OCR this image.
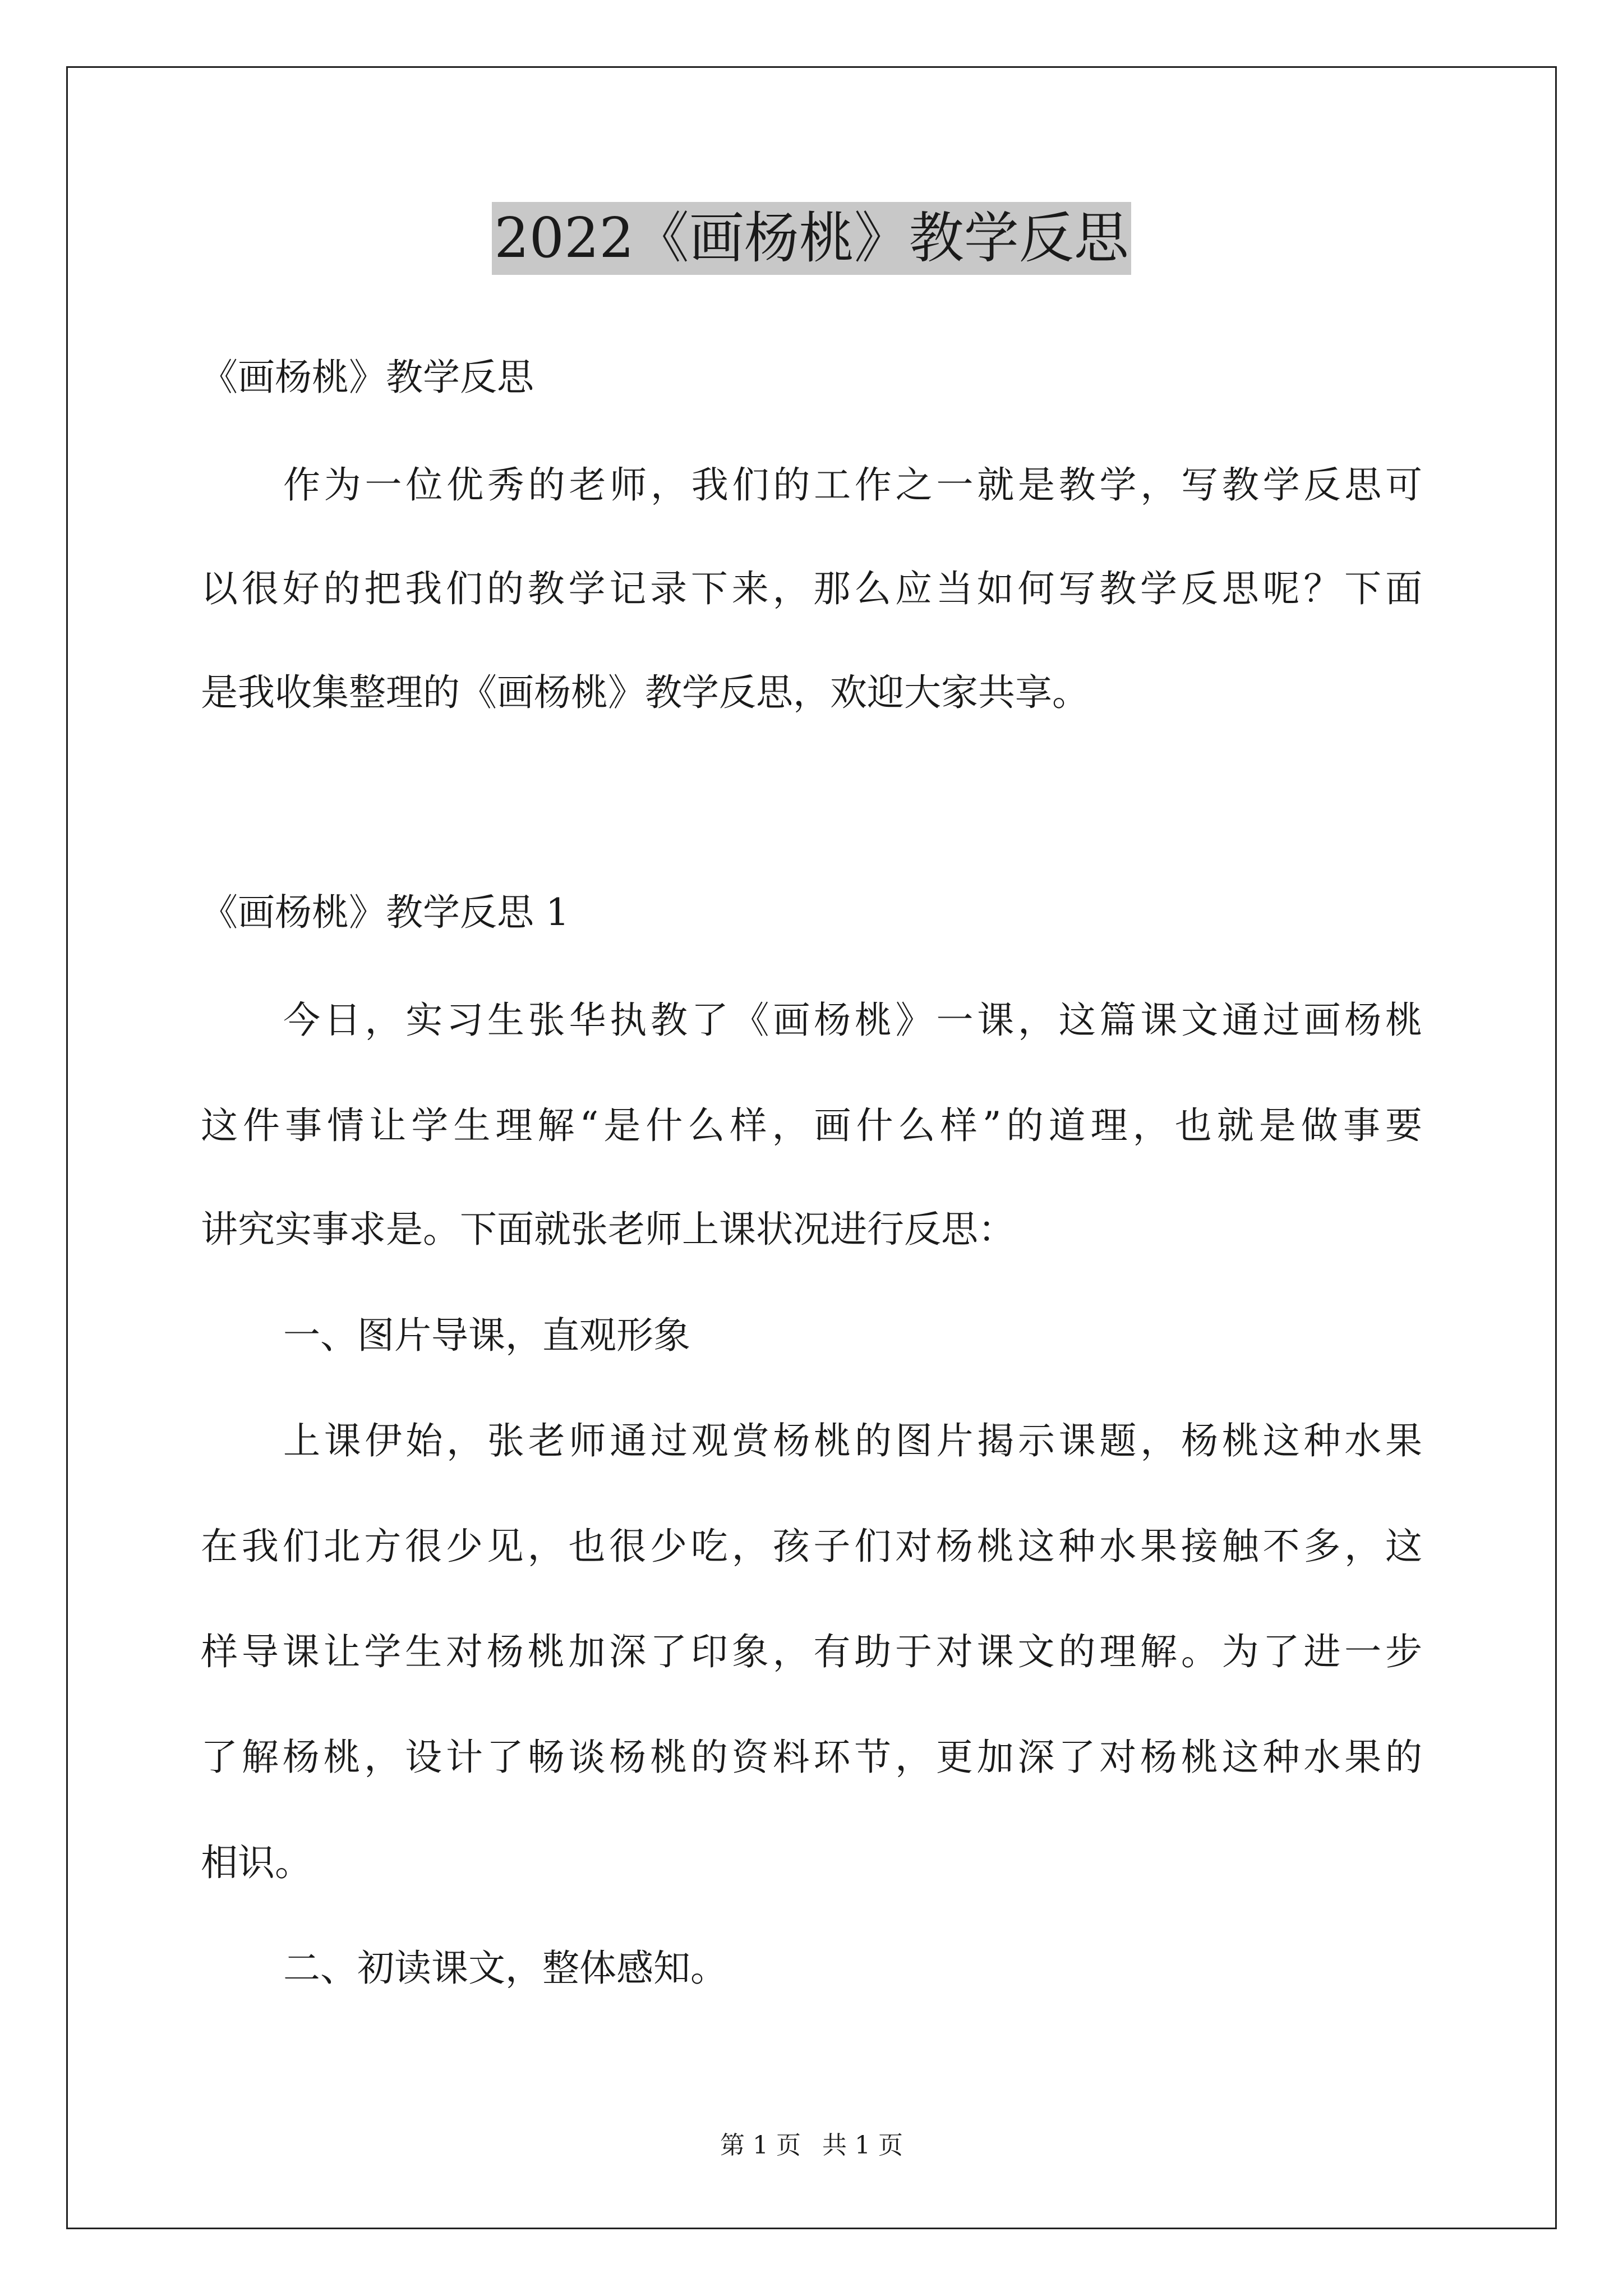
2022《画杨桃》教学反思
《画杨桃》教学反思
作为一位优秀的老师，我们的工作之一就是教学，写教学反思可
以很好的把我们的教学记录下来，那么应当如何写教学反思呢？下面
是我收集整理的《画杨桃》教学反思，欢迎大家共享。
《画杨桃》教学反思 1
今日，实习生张华执教了《画杨桃》一课，这篇课文通过画杨桃
这件事情让学生理解“是什么样，画什么样”的道理，也就是做事要
讲究实事求是。下面就张老师上课状况进行反思：
一、图片导课，直观形象
上课伊始，张老师通过观赏杨桃的图片揭示课题，杨桃这种水果
在我们北方很少见，也很少吃，孩子们对杨桃这种水果接触不多，这
样导课让学生对杨桃加深了印象，有助于对课文的理解。为了进一步
了解杨桃，设计了畅谈杨桃的资料环节，更加深了对杨桃这种水果的
相识。
二、初读课文，整体感知。
第 1 页 共 1 页
